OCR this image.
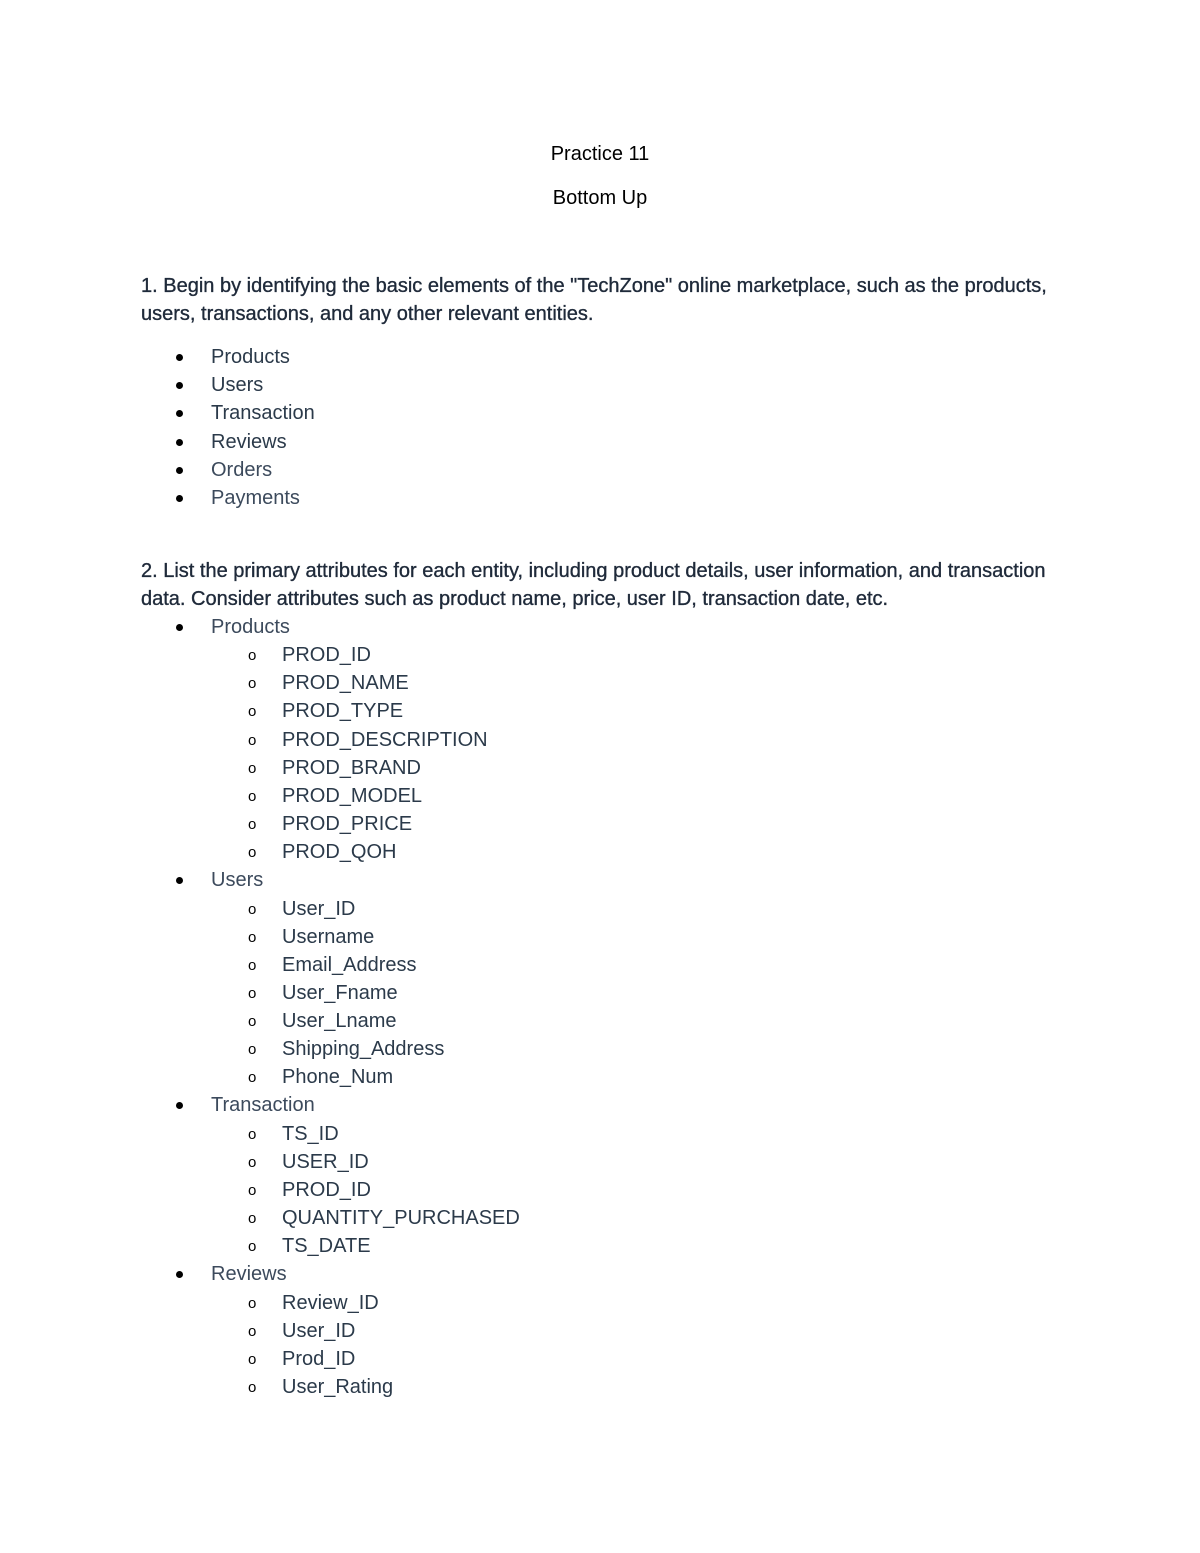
Practice 11
Bottom Up
1. Begin by identifying the basic elements of the "TechZone" online marketplace, such as the products, users, transactions, and any other relevant entities.
Products
Users
Transaction
Reviews
Orders
Payments
2. List the primary attributes for each entity, including product details, user information, and transaction data. Consider attributes such as product name, price, user ID, transaction date, etc.
Products
o PROD_ID
o PROD_NAME
o PROD_TYPE
o PROD_DESCRIPTION
o PROD_BRAND
o PROD_MODEL
o PROD_PRICE
o PROD_QOH
Users
o User_ID
o Username
o Email_Address
o User_Fname
o User_Lname
o Shipping_Address
o Phone_Num
Transaction
o TS_ID
o USER_ID
o PROD_ID
o QUANTITY_PURCHASED
o TS_DATE
Reviews
o Review_ID
o User_ID
o Prod_ID
o User_Rating
